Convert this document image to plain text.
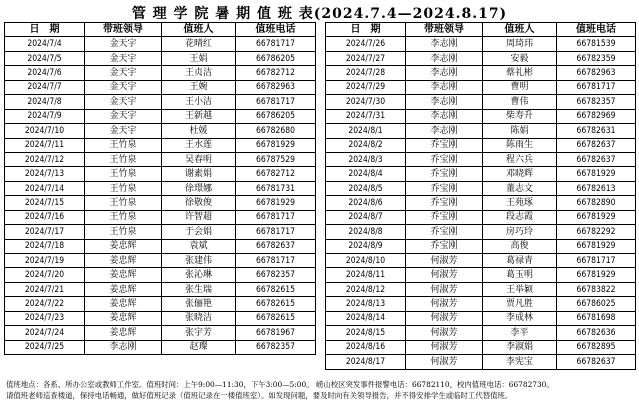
管 理 学 院 暑 期 值 班 表(2024.7.4—2024.8.17)
日　期	带班领导	值班人	值班电话
2024/7/4	金天宇	花晴红	66781717
2024/7/5	金天宇	王娟	66786205
2024/7/6	金天宇	王贞洁	66782712
2024/7/7	金天宇	王婉	66782963
2024/7/8	金天宇	王小洁	66781717
2024/7/9	金天宇	王新越	66786205
2024/7/10	金天宇	杜媛	66782680
2024/7/11	王竹泉	王水莲	66781929
2024/7/12	王竹泉	吴春明	66787529
2024/7/13	王竹泉	谢素娟	66782712
2024/7/14	王竹泉	徐璟娜	66781731
2024/7/15	王竹泉	徐敬俊	66781929
2024/7/16	王竹泉	许智超	66781717
2024/7/17	王竹泉	于会娟	66781717
2024/7/18	姜忠辉	袁斌	66782637
2024/7/19	姜忠辉	张建伟	66781717
2024/7/20	姜忠辉	张沁琳	66782357
2024/7/21	姜忠辉	张生瑞	66782615
2024/7/22	姜忠辉	张俪艳	66782615
2024/7/23	姜忠辉	张晓洁	66782615
2024/7/24	姜忠辉	张宇芳	66781967
2024/7/25	李志刚	赵璨	66782357
日　期	带班领导	值班人	值班电话
2024/7/26	李志刚	周琦玮	66781539
2024/7/27	李志刚	安毅	66782359
2024/7/28	李志刚	蔡礼彬	66782963
2024/7/29	李志刚	曹明	66781717
2024/7/30	李志刚	曹伟	66782357
2024/7/31	李志刚	柴寿升	66782969
2024/8/1	李志刚	陈娟	66782631
2024/8/2	乔宝刚	陈雨生	66782637
2024/8/3	乔宝刚	程六兵	66782637
2024/8/4	乔宝刚	邓晓辉	66781929
2024/8/5	乔宝刚	董志文	66782613
2024/8/6	乔宝刚	王苑琢	66782890
2024/8/7	乔宝刚	段志霞	66781929
2024/8/8	乔宝刚	房巧玲	66782292
2024/8/9	乔宝刚	高俊	66781929
2024/8/10	何淑芳	葛禄青	66781717
2024/8/11	何淑芳	葛玉明	66781929
2024/8/12	何淑芳	王举颖	66783822
2024/8/13	何淑芳	贾凡胜	66786025
2024/8/14	何淑芳	李成林	66781698
2024/8/15	何淑芳	李平	66782636
2024/8/16	何淑芳	李淑娟	66782895
2024/8/17	何淑芳	李宪宝	66782637
值班地点：各系、所办公室或教师工作室。值班时间：上午9:00—11:30，下午3:00—5:00。 崂山校区突发事件报警电话：66782110，校内值班电话：66782730。
请值班老师巡查楼道，保持电话畅通，做好值班记录（值班记录在一楼值班室）。如发现问题，要及时向有关领导报告，并不得安排学生或临时工代替值班。
